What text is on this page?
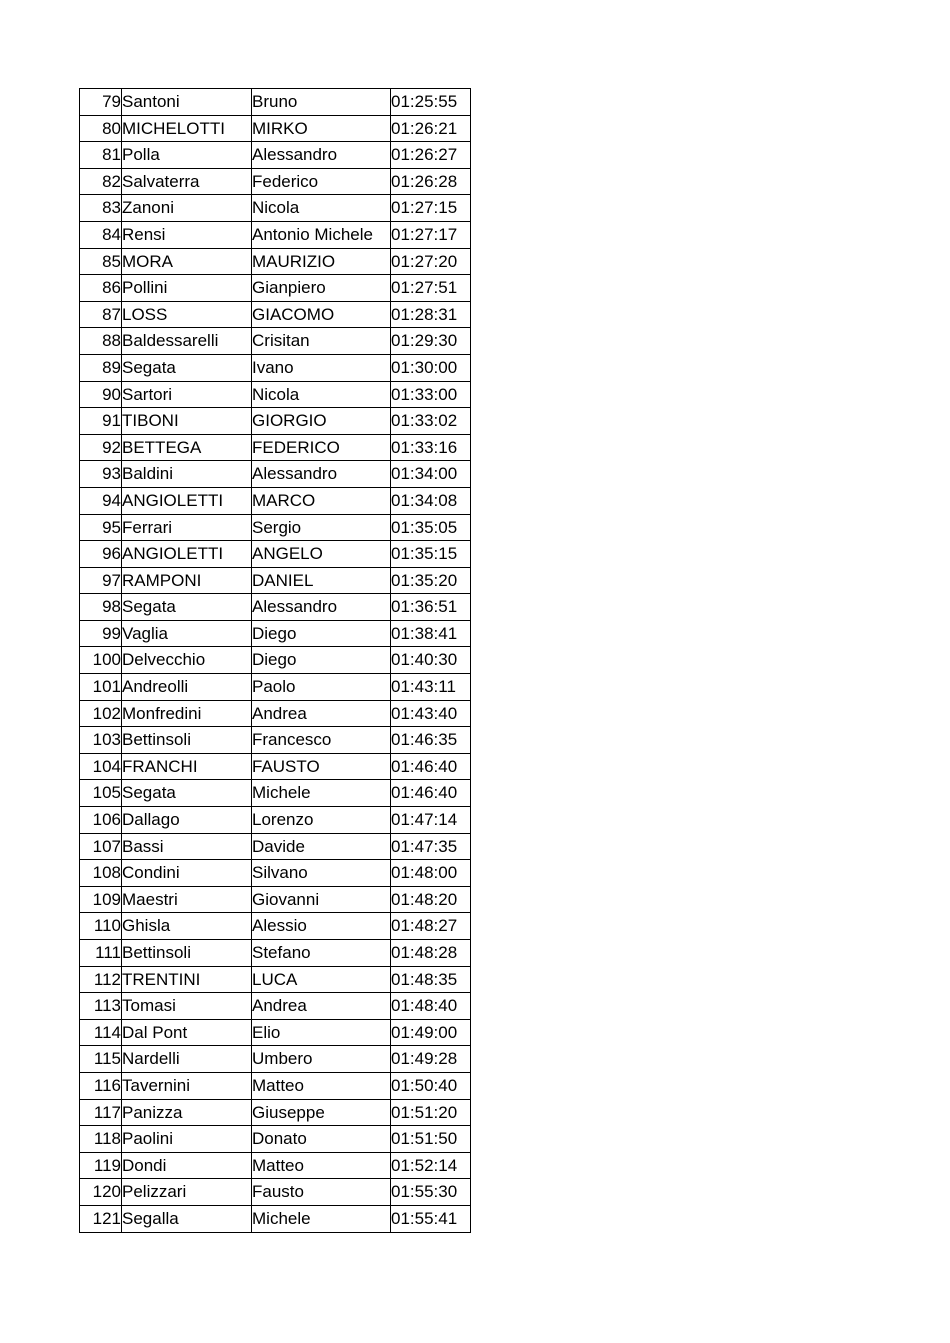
79	Santoni	Bruno	01:25:55
80	MICHELOTTI	MIRKO	01:26:21
81	Polla	Alessandro	01:26:27
82	Salvaterra	Federico	01:26:28
83	Zanoni	Nicola	01:27:15
84	Rensi	Antonio Michele	01:27:17
85	MORA	MAURIZIO	01:27:20
86	Pollini	Gianpiero	01:27:51
87	LOSS	GIACOMO	01:28:31
88	Baldessarelli	Crisitan	01:29:30
89	Segata	Ivano	01:30:00
90	Sartori	Nicola	01:33:00
91	TIBONI	GIORGIO	01:33:02
92	BETTEGA	FEDERICO	01:33:16
93	Baldini	Alessandro	01:34:00
94	ANGIOLETTI	MARCO	01:34:08
95	Ferrari	Sergio	01:35:05
96	ANGIOLETTI	ANGELO	01:35:15
97	RAMPONI	DANIEL	01:35:20
98	Segata	Alessandro	01:36:51
99	Vaglia	Diego	01:38:41
100	Delvecchio	Diego	01:40:30
101	Andreolli	Paolo	01:43:11
102	Monfredini	Andrea	01:43:40
103	Bettinsoli	Francesco	01:46:35
104	FRANCHI	FAUSTO	01:46:40
105	Segata	Michele	01:46:40
106	Dallago	Lorenzo	01:47:14
107	Bassi	Davide	01:47:35
108	Condini	Silvano	01:48:00
109	Maestri	Giovanni	01:48:20
110	Ghisla	Alessio	01:48:27
111	Bettinsoli	Stefano	01:48:28
112	TRENTINI	LUCA	01:48:35
113	Tomasi	Andrea	01:48:40
114	Dal Pont	Elio	01:49:00
115	Nardelli	Umbero	01:49:28
116	Tavernini	Matteo	01:50:40
117	Panizza	Giuseppe	01:51:20
118	Paolini	Donato	01:51:50
119	Dondi	Matteo	01:52:14
120	Pelizzari	Fausto	01:55:30
121	Segalla	Michele	01:55:41
